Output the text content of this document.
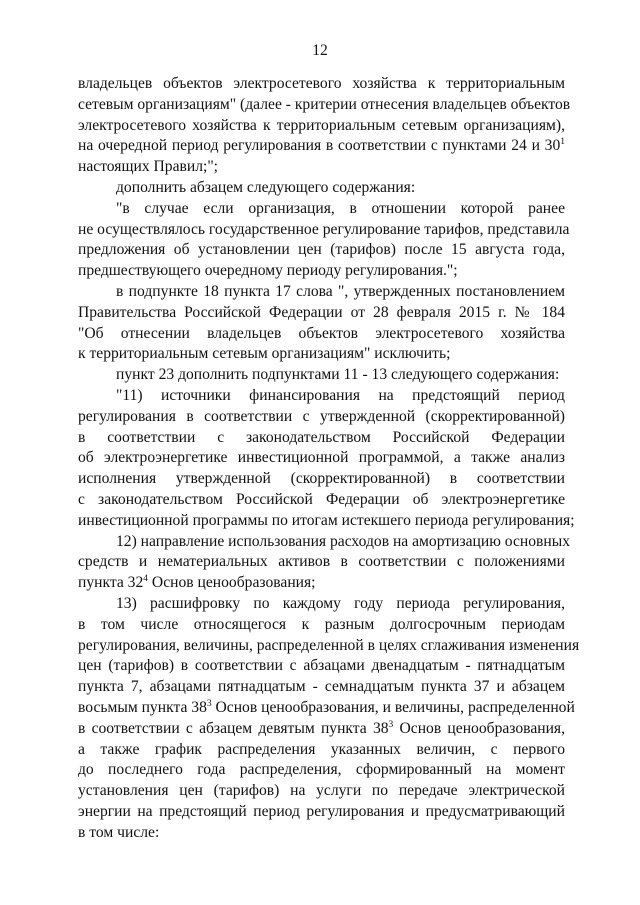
12
владельцев объектов электросетевого хозяйства к территориальным
сетевым организациям" (далее - критерии отнесения владельцев объектов
электросетевого хозяйства к территориальным сетевым организациям),
на очередной период регулирования в соответствии с пунктами 24 и $30^1$
настоящих Правил;";
дополнить абзацем следующего содержания:
"в случае если организация, в отношении которой ранее
не осуществлялось государственное регулирование тарифов, представила
предложения об установлении цен (тарифов) после 15 августа года,
предшествующего очередному периоду регулирования.";
в подпункте 18 пункта 17 слова ", утвержденных постановлением
Правительства Российской Федерации от 28 февраля 2015 г. № 184
"Об отнесении владельцев объектов электросетевого хозяйства
к территориальным сетевым организациям" исключить;
пункт 23 дополнить подпунктами 11 - 13 следующего содержания:
"11) источники финансирования на предстоящий период
регулирования в соответствии с утвержденной (скорректированной)
в соответствии с законодательством Российской Федерации
об электроэнергетике инвестиционной программой, а также анализ
исполнения утвержденной (скорректированной) в соответствии
с законодательством Российской Федерации об электроэнергетике
инвестиционной программы по итогам истекшего периода регулирования;
12) направление использования расходов на амортизацию основных
средств и нематериальных активов в соответствии с положениями
пункта $32^4$ Основ ценообразования;
13) расшифровку по каждому году периода регулирования,
в том числе относящегося к разным долгосрочным периодам
регулирования, величины, распределенной в целях сглаживания изменения
цен (тарифов) в соответствии с абзацами двенадцатым - пятнадцатым
пункта 7, абзацами пятнадцатым - семнадцатым пункта 37 и абзацем
восьмым пункта $38^3$ Основ ценообразования, и величины, распределенной
в соответствии с абзацем девятым пункта $38^3$ Основ ценообразования,
а также график распределения указанных величин, с первого
до последнего года распределения, сформированный на момент
установления цен (тарифов) на услуги по передаче электрической
энергии на предстоящий период регулирования и предусматривающий
в том числе:
